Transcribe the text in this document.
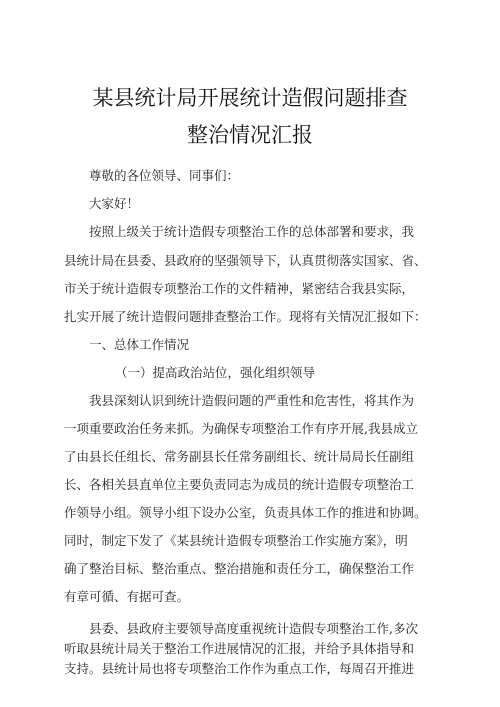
某县统计局开展统计造假问题排查
整治情况汇报
尊敬的各位领导、同事们：
大家好！
按照上级关于统计造假专项整治工作的总体部署和要求，我
县统计局在县委、县政府的坚强领导下，认真贯彻落实国家、省、
市关于统计造假专项整治工作的文件精神，紧密结合我县实际，
扎实开展了统计造假问题排查整治工作。现将有关情况汇报如下：
一、总体工作情况
（一）提高政治站位，强化组织领导
我县深刻认识到统计造假问题的严重性和危害性，将其作为
一项重要政治任务来抓。为确保专项整治工作有序开展,我县成立
了由县长任组长、常务副县长任常务副组长、统计局局长任副组
长、各相关县直单位主要负责同志为成员的统计造假专项整治工
作领导小组。领导小组下设办公室，负责具体工作的推进和协调。
同时，制定下发了《某县统计造假专项整治工作实施方案》，明
确了整治目标、整治重点、整治措施和责任分工，确保整治工作
有章可循、有据可查。
县委、县政府主要领导高度重视统计造假专项整治工作,多次
听取县统计局关于整治工作进展情况的汇报，并给予具体指导和
支持。县统计局也将专项整治工作作为重点工作，每周召开推进
